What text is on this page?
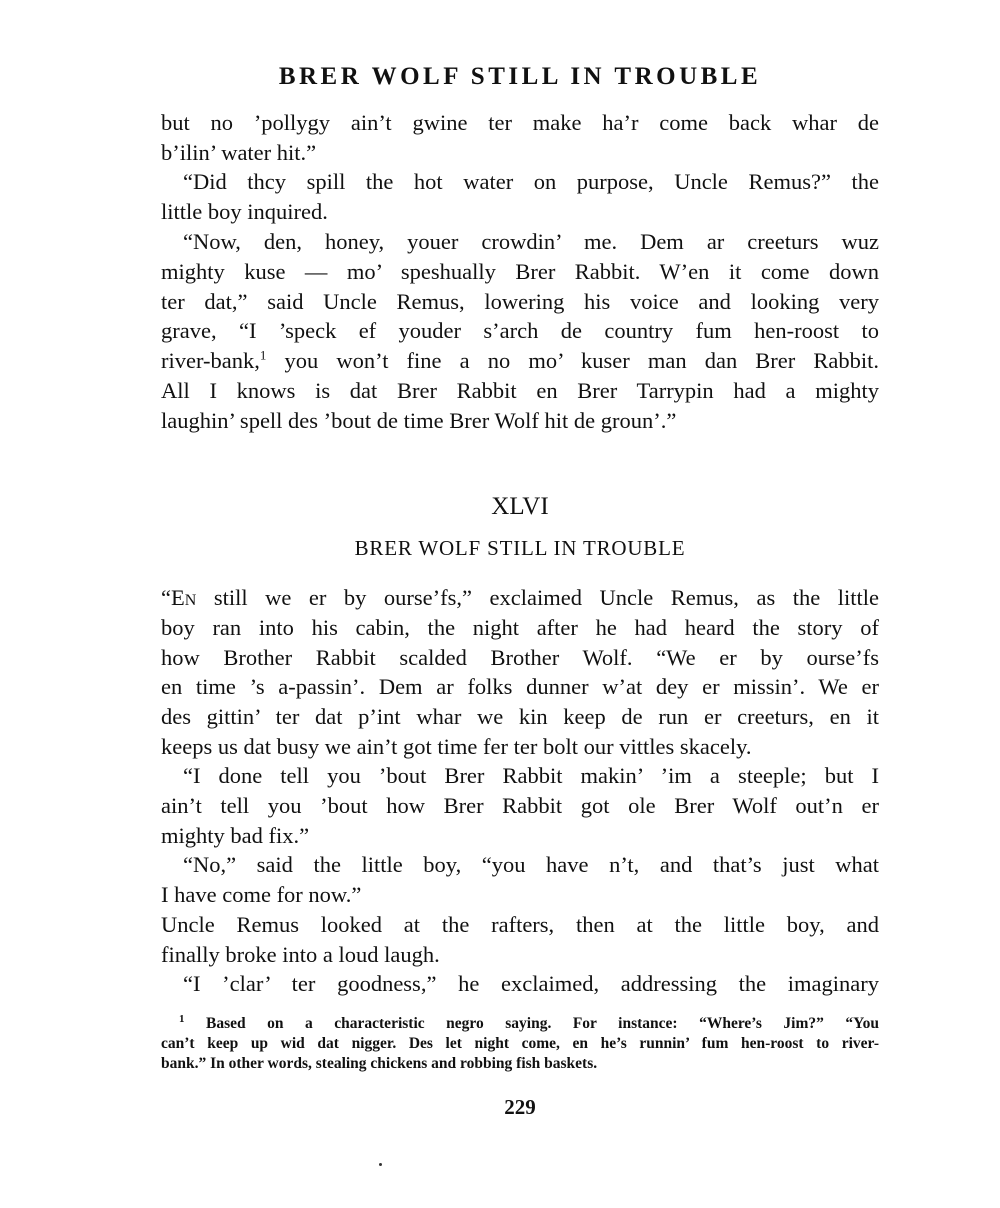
BRER WOLF STILL IN TROUBLE
but no ’pollygy ain’t gwine ter make ha’r come back whar de
b’ilin’ water hit.”
“Did thcy spill the hot water on purpose, Uncle Remus?” the
little boy inquired.
“Now, den, honey, youer crowdin’ me. Dem ar creeturs wuz
mighty kuse — mo’ speshually Brer Rabbit. W’en it come down
ter dat,” said Uncle Remus, lowering his voice and looking very
grave, “I ’speck ef youder s’arch de country fum hen-roost to
river-bank,$^1$ you won’t fine a no mo’ kuser man dan Brer Rabbit.
All I knows is dat Brer Rabbit en Brer Tarrypin had a mighty
laughin’ spell des ’bout de time Brer Wolf hit de groun’.”
XLVI
BRER WOLF STILL IN TROUBLE
“En still we er by ourse’fs,” exclaimed Uncle Remus, as the little
boy ran into his cabin, the night after he had heard the story of
how Brother Rabbit scalded Brother Wolf. “We er by ourse’fs
en time ’s a-passin’. Dem ar folks dunner w’at dey er missin’. We er
des gittin’ ter dat p’int whar we kin keep de run er creeturs, en it
keeps us dat busy we ain’t got time fer ter bolt our vittles skacely.
“I done tell you ’bout Brer Rabbit makin’ ’im a steeple; but I
ain’t tell you ’bout how Brer Rabbit got ole Brer Wolf out’n er
mighty bad fix.”
“No,” said the little boy, “you have n’t, and that’s just what
I have come for now.”
Uncle Remus looked at the rafters, then at the little boy, and
finally broke into a loud laugh.
“I ’clar’ ter goodness,” he exclaimed, addressing the imaginary
$^1$ Based on a characteristic negro saying. For instance: “Where’s Jim?” “You
can’t keep up wid dat nigger. Des let night come, en he’s runnin’ fum hen-roost to river-
bank.” In other words, stealing chickens and robbing fish baskets.
229
